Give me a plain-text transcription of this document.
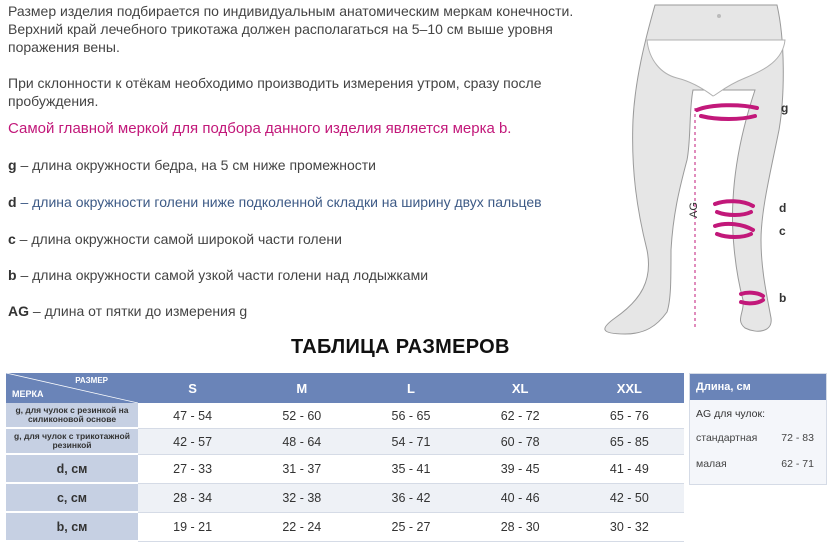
Размер изделия подбирается по индивидуальным анатомическим меркам конечности. Верхний край лечебного трикотажа должен располагаться на 5–10 см выше уровня поражения вены.

При склонности к отёкам необходимо производить измерения утром, сразу после пробуждения.

Самой главной меркой для подбора данного изделия является мерка b.
g – длина окружности бедра, на 5 см ниже промежности
d – длина окружности голени ниже подколенной складки на ширину двух пальцев
c – длина окружности самой широкой части голени
b – длина окружности самой узкой части голени над лодыжками
AG – длина от пятки до измерения g
g
d
c
b
AG
ТАБЛИЦА РАЗМЕРОВ
РАЗМЕР
МЕРКА	S	M	L	XL	XXL
g, для чулок с резинкой на силиконовой основе	47 - 54	52 - 60	56 - 65	62 - 72	65 - 76
g, для чулок с трикотажной резинкой	42 - 57	48 - 64	54 - 71	60 - 78	65 - 85
d, см	27 - 33	31 - 37	35 - 41	39 - 45	41 - 49
c, см	28 - 34	32 - 38	36 - 42	40 - 46	42 - 50
b, см	19 - 21	22 - 24	25 - 27	28 - 30	30 - 32
Длина, см
AG для чулок:
стандартная 72 - 83
малая	62 - 71
